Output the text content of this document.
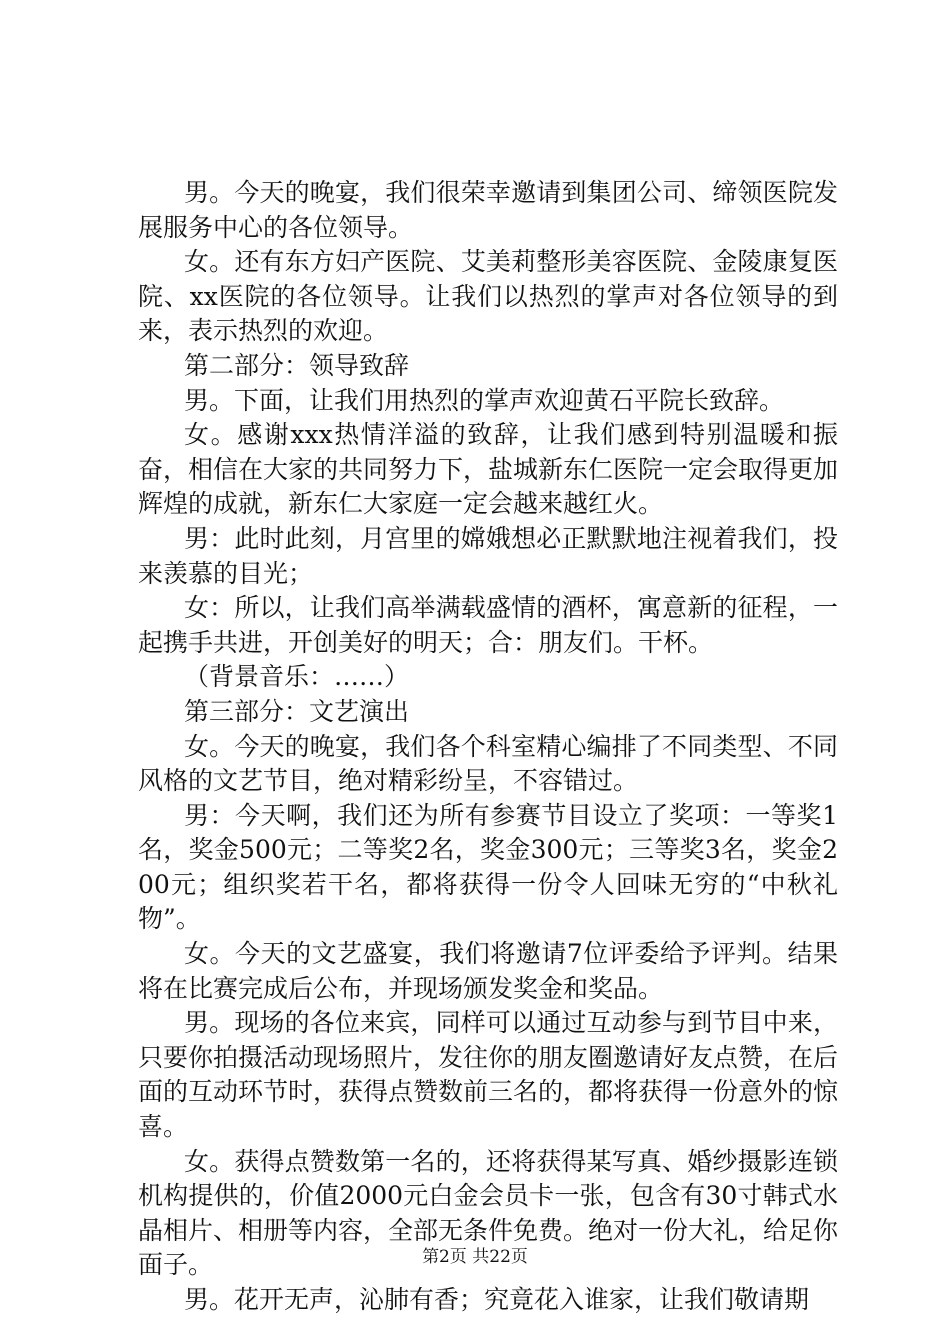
男。今天的晚宴，我们很荣幸邀请到集团公司、缔领医院发展服务中心的各位领导。

女。还有东方妇产医院、艾美莉整形美容医院、金陵康复医院、xx医院的各位领导。让我们以热烈的掌声对各位领导的到来，表示热烈的欢迎。

第二部分：领导致辞

男。下面，让我们用热烈的掌声欢迎黄石平院长致辞。

女。感谢xxx热情洋溢的致辞，让我们感到特别温暖和振奋，相信在大家的共同努力下，盐城新东仁医院一定会取得更加辉煌的成就，新东仁大家庭一定会越来越红火。

男：此时此刻，月宫里的嫦娥想必正默默地注视着我们，投来羡慕的目光；

女：所以，让我们高举满载盛情的酒杯，寓意新的征程，一起携手共进，开创美好的明天；合：朋友们。干杯。

（背景音乐：……）

第三部分：文艺演出

女。今天的晚宴，我们各个科室精心编排了不同类型、不同风格的文艺节目，绝对精彩纷呈，不容错过。

男：今天啊，我们还为所有参赛节目设立了奖项：一等奖1名，奖金500元；二等奖2名，奖金300元；三等奖3名，奖金200元；组织奖若干名，都将获得一份令人回味无穷的“中秋礼物”。

女。今天的文艺盛宴，我们将邀请7位评委给予评判。结果将在比赛完成后公布，并现场颁发奖金和奖品。

男。现场的各位来宾，同样可以通过互动参与到节目中来，只要你拍摄活动现场照片，发往你的朋友圈邀请好友点赞，在后面的互动环节时，获得点赞数前三名的，都将获得一份意外的惊喜。

女。获得点赞数第一名的，还将获得某写真、婚纱摄影连锁机构提供的，价值2000元白金会员卡一张，包含有30寸韩式水晶相片、相册等内容，全部无条件免费。绝对一份大礼，给足你面子。

男。花开无声，沁肺有香；究竟花入谁家，让我们敬请期

第2页 共22页
